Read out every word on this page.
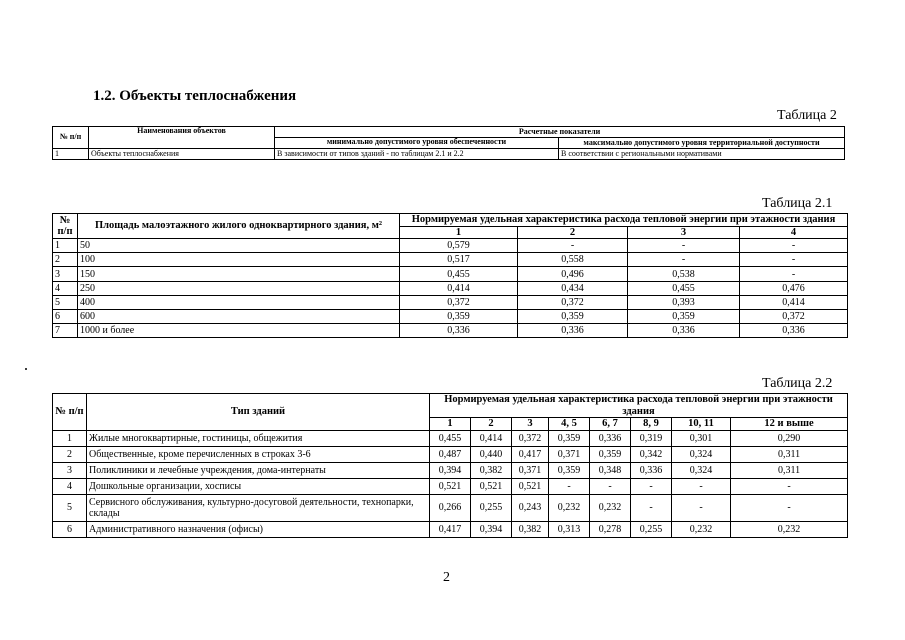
1.2. Объекты теплоснабжения
Таблица 2
№ п/п	Наименования объектов	Расчетные показатели	
		минимально допустимого уровня обеспеченности	максимально допустимого уровня территориальной доступности
1	Объекты теплоснабжения	В зависимости от типов зданий - по таблицам 2.1 и 2.2	В соответствии с региональными нормативами
Таблица 2.1
№ п/п	Площадь малоэтажного жилого одноквартирного здания, м²	Нормируемая удельная характеристика расхода тепловой энергии при этажности здания			
		1	2	3	4
1	50	0,579	-	-	-
2	100	0,517	0,558	-	-
3	150	0,455	0,496	0,538	-
4	250	0,414	0,434	0,455	0,476
5	400	0,372	0,372	0,393	0,414
6	600	0,359	0,359	0,359	0,372
7	1000 и более	0,336	0,336	0,336	0,336
Таблица 2.2
№ п/п	Тип зданий	Нормируемая удельная характеристика расхода тепловой энергии при этажности здания							
		1	2	3	4, 5	6, 7	8, 9	10, 11	12 и выше
1	Жилые многоквартирные, гостиницы, общежития	0,455	0,414	0,372	0,359	0,336	0,319	0,301	0,290
2	Общественные, кроме перечисленных в строках 3-6	0,487	0,440	0,417	0,371	0,359	0,342	0,324	0,311
3	Поликлиники и лечебные учреждения, дома-интернаты	0,394	0,382	0,371	0,359	0,348	0,336	0,324	0,311
4	Дошкольные организации, хосписы	0,521	0,521	0,521	-	-	-	-	-
5	Сервисного обслуживания, культурно-досуговой деятельности, технопарки, склады	0,266	0,255	0,243	0,232	0,232	-	-	-
6	Административного назначения (офисы)	0,417	0,394	0,382	0,313	0,278	0,255	0,232	0,232
2
